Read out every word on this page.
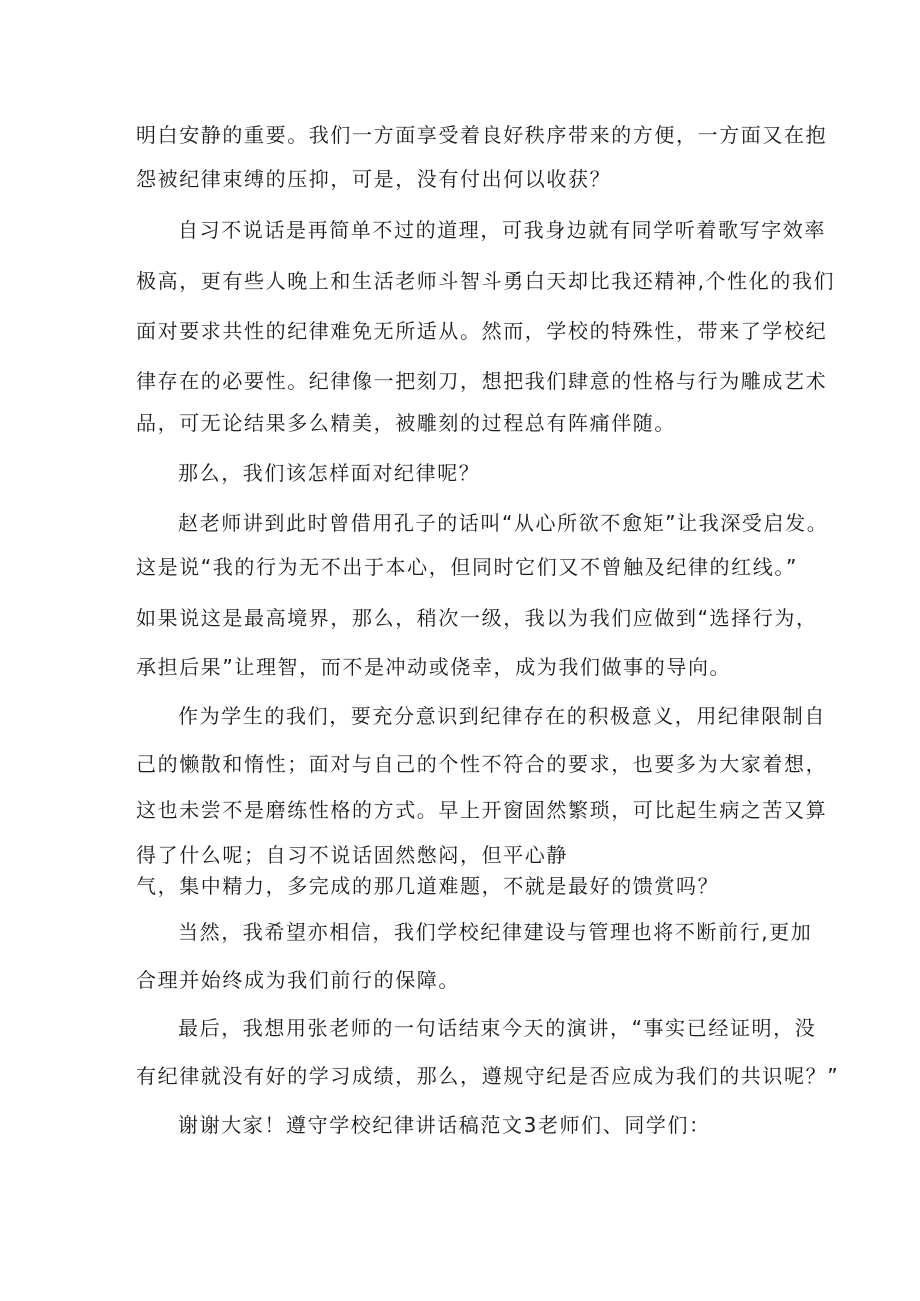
明白安静的重要。我们一方面享受着良好秩序带来的方便，一方面又在抱
怨被纪律束缚的压抑，可是，没有付出何以收获？
自习不说话是再简单不过的道理，可我身边就有同学听着歌写字效率
极高，更有些人晚上和生活老师斗智斗勇白天却比我还精神,个性化的我们
面对要求共性的纪律难免无所适从。然而，学校的特殊性，带来了学校纪
律存在的必要性。纪律像一把刻刀，想把我们肆意的性格与行为雕成艺术
品，可无论结果多么精美，被雕刻的过程总有阵痛伴随。
那么，我们该怎样面对纪律呢？
赵老师讲到此时曾借用孔子的话叫“从心所欲不愈矩”让我深受启发。
这是说“我的行为无不出于本心，但同时它们又不曾触及纪律的红线。”
如果说这是最高境界，那么，稍次一级，我以为我们应做到“选择行为，
承担后果”让理智，而不是冲动或侥幸，成为我们做事的导向。
作为学生的我们，要充分意识到纪律存在的积极意义，用纪律限制自
己的懒散和惰性；面对与自己的个性不符合的要求，也要多为大家着想，
这也未尝不是磨练性格的方式。早上开窗固然繁琐，可比起生病之苦又算
得了什么呢；自习不说话固然憋闷，但平心静
气，集中精力，多完成的那几道难题，不就是最好的馈赏吗？
当然，我希望亦相信，我们学校纪律建设与管理也将不断前行,更加
合理并始终成为我们前行的保障。
最后，我想用张老师的一句话结束今天的演讲，“事实已经证明，没
有纪律就没有好的学习成绩，那么，遵规守纪是否应成为我们的共识呢？”
谢谢大家！遵守学校纪律讲话稿范文3老师们、同学们：
